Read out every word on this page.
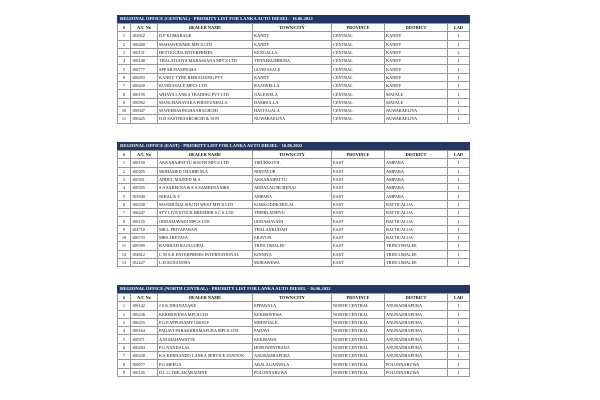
REGIONAL OFFICE (CENTRAL) - PRIORITY LIST FOR LANKA AUTO DIESEL - 16.06.2022
#	A/C No	DEALER NAME	TOWN/CITY	PROVINCE	DISTRICT	LAD
1	102922	D.P KUMARAGE	KANDY	CENTRAL	KANDY	1
2	100200	MAHAWEWARE MPCS LTD	KANDY	CENTRAL	KANDY	1
3	100131	HETTIGODA ENTERPRISES	KENGALLA	CENTRAL	KANDY	2
4	100140	THALATUOYA MARASSANA MPCS LTD	TENNEKUMBURA	CENTRAL	KANDY	1
5	100777	SPP MUNASINGHA	GUNDASALE	CENTRAL	KANDY	1
6	100293	KANDY TYRE REBUILDING PVT	KANDY	CENTRAL	KANDY	1
7	100420	KUNDASALE MPCS LTD	RAJAWELLA	CENTRAL	KANDY	1
8	100159	WHAYA LANKA TRADING PVT LTD	GALEWELA	CENTRAL	MATALE	1
9	100592	MANCHANAYAKA PIHAYUNHALA	DAMBULLA	CENTRAL	MATALE	1
10	100047	M.WEERASINGHAARACHCHI	HATTAGALA	CENTRAL	NUWARAELIYA	1
11	100425	D.D SASTHUIARCHCHI & SON	NUWARAELIYA	CENTRAL	NUWARAELIYA	1
REGIONAL OFFICE (EAST) - PRIORITY LIST FOR LANKA AUTO DIESEL - 16.06.2022
#	A/C No	DEALER NAME	TOWN/CITY	PROVINCE	DISTRICT	LAD
1	100150	AKKARAIPATTU SOUTH MPCS LTD	TIRUKKOVIL	EAST	AMPARA	1
2	100205	MOHAMED THAHIR M.A	NINTAVUR	EAST	AMPARA	1
3	100351	ABDUL MAJEED M.A	AKKARAIPATTU	EAST	AMPARA	1
4	100355	S A SAREENA & S A SAMEENA MRS	ADDALAICHCHENAI	EAST	AMPARA	1
5	103940	NIHAL K Y	AMPARA	EAST	AMPARA	1
6	100330	MANMUNAI SOUTH WEST MPCS LTD	KOKKODDICHOLAI	EAST	BATTICALOA	1
7	100447	STY LIVE STOCK BREEDER S C S LTD	THIMILATHIVU	EAST	BATTICALOA	1
8	100125	ODDAMAVADI MPCS LTD	ODDAMAVADI	EAST	BATTICALOA	1
9	104710	MR.L.PRIYAPARAN	THALANKUDAH	EAST	BATTICALOA	1
10	106733	MRS.J.REVATA	ERAVUR	EAST	BATTICALOA	1
11	100399	RANDIAH RAJAGOPAL	TRINCOMALEE	EAST	TRINCOMALEE	1
12	104612	C M A K ENTERPRISES INTERNATIONAL	KINNIYA	EAST	TRINCOMALEE	1
13	102227	L.D.SUDANTHA	MORAWEWA	EAST	TRINCOMALEE	1
REGIONAL OFFICE (NORTH CENTRAL) - PRIORITY LIST FOR LANKA AUTO DIESEL - 16.06.2022
#	A/C No	DEALER NAME	TOWN/CITY	PROVINCE	DISTRICT	LAD
1	100142	J.S.K DHANAYAKE	EPPAWALA	NORTH CENTRAL	ANURADHAPURA	1
2	100236	KEKIRIWEWA MPCS LTD	KEKIRIWEWA	NORTH CENTRAL	ANURADHAPURA	1
3	100255	P.G.P.APPUHAMY GROUP	MIHINTALE	NORTH CENTRAL	ANURADHAPURA	1
4	100164	PADAVI PARAKKRAMAPURA MPCS LTD	PADAVI	NORTH CENTRAL	ANURADHAPURA	1
5	100371	A.M.MAHAWATTE	KEKIRAWA	NORTH CENTRAL	ANURADHAPURA	1
6	100204	P.G.NANDALAL	HOROWPATHANA	NORTH CENTRAL	ANURADHAPURA	1
7	100338	K.S.KERNANDO LANKA SERVICE STATION	ANURADHAPURA	NORTH CENTRAL	ANURADHAPURA	1
8	100077	P.G.MEEGA	ARALAGANWILA	NORTH CENTRAL	POLONNARUWA	1
9	100145	D.L.G.THILAKARATHNE	POLONNARUWA	NORTH CENTRAL	POLONNARUWA	1
